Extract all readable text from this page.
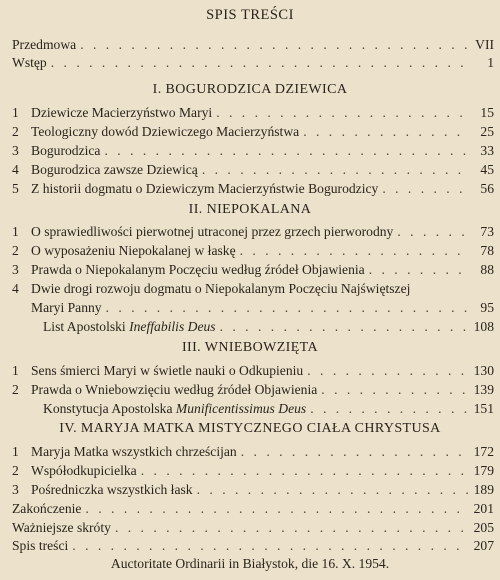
SPIS TREŚCI
Przedmowa . . .	VII
Wstęp . . .	1
I. BOGURODZICA DZIEWICA
1 Dziewicze Macierzyństwo Maryi . . .	15
2 Teologiczny dowód Dziewiczego Macierzyństwa . . .	25
3 Bogurodzica . . .	33
4 Bogurodzica zawsze Dziewicą . . .	45
5 Z historii dogmatu o Dziewiczym Macierzyństwie Bogurodzicy . . .	56
II. NIEPOKALANA
1 O sprawiedliwości pierwotnej utraconej przez grzech pierworodny . . .	73
2 O wyposażeniu Niepokalanej w łaskę . . .	78
3 Prawda o Niepokalanym Poczęciu według źródeł Objawienia . . .	88
4 Dwie drogi rozwoju dogmatu o Niepokalanym Poczęciu Najświętszej
Maryi Panny . . .	95
List Apostolski Ineffabilis Deus . . .	108
III. WNIEBOWZIĘTA
1 Sens śmierci Maryi w świetle nauki o Odkupieniu . . .	130
2 Prawda o Wniebowzięciu według źródeł Objawienia . . .	139
Konstytucja Apostolska Munificentissimus Deus . . .	151
IV. MARYJA MATKA MISTYCZNEGO CIAŁA CHRYSTUSA
1 Maryja Matka wszystkich chrześcijan . . .	172
2 Współodkupicielka . . .	179
3 Pośredniczka wszystkich łask . . .	189
Zakończenie . . .	201
Ważniejsze skróty . . .	205
Spis treści . . .	207
Auctoritate Ordinarii in Białystok, die 16. X. 1954.
